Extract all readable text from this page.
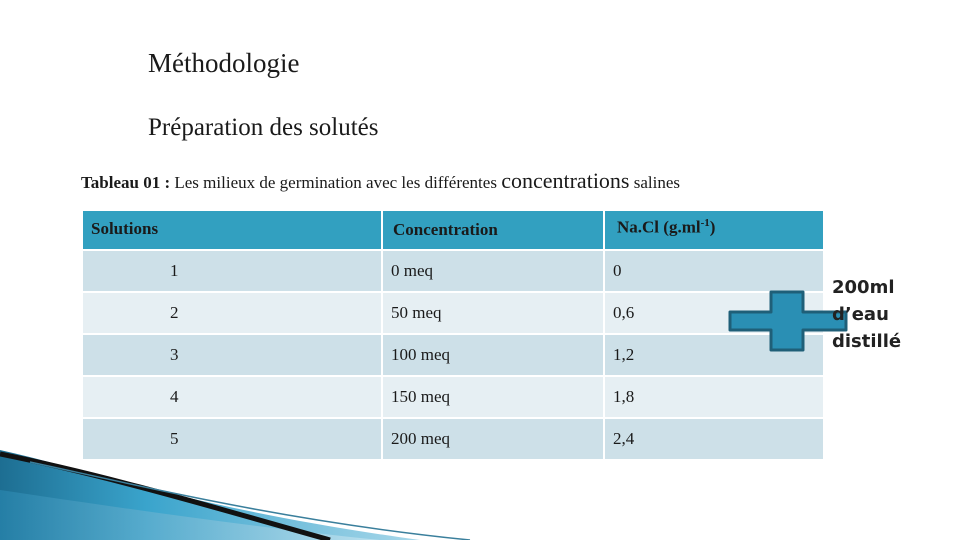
Méthodologie
Préparation des solutés

Tableau 01 : Les milieux de germination avec les différentes concentrations salines

Solutions	Concentration	Na.Cl $(g.ml^{-1})$
1	0 meq	0
2	50 meq	0,6
3	100 meq	1,2
4	150 meq	1,8
5	200 meq	2,4

200ml
d’eau
distillé
